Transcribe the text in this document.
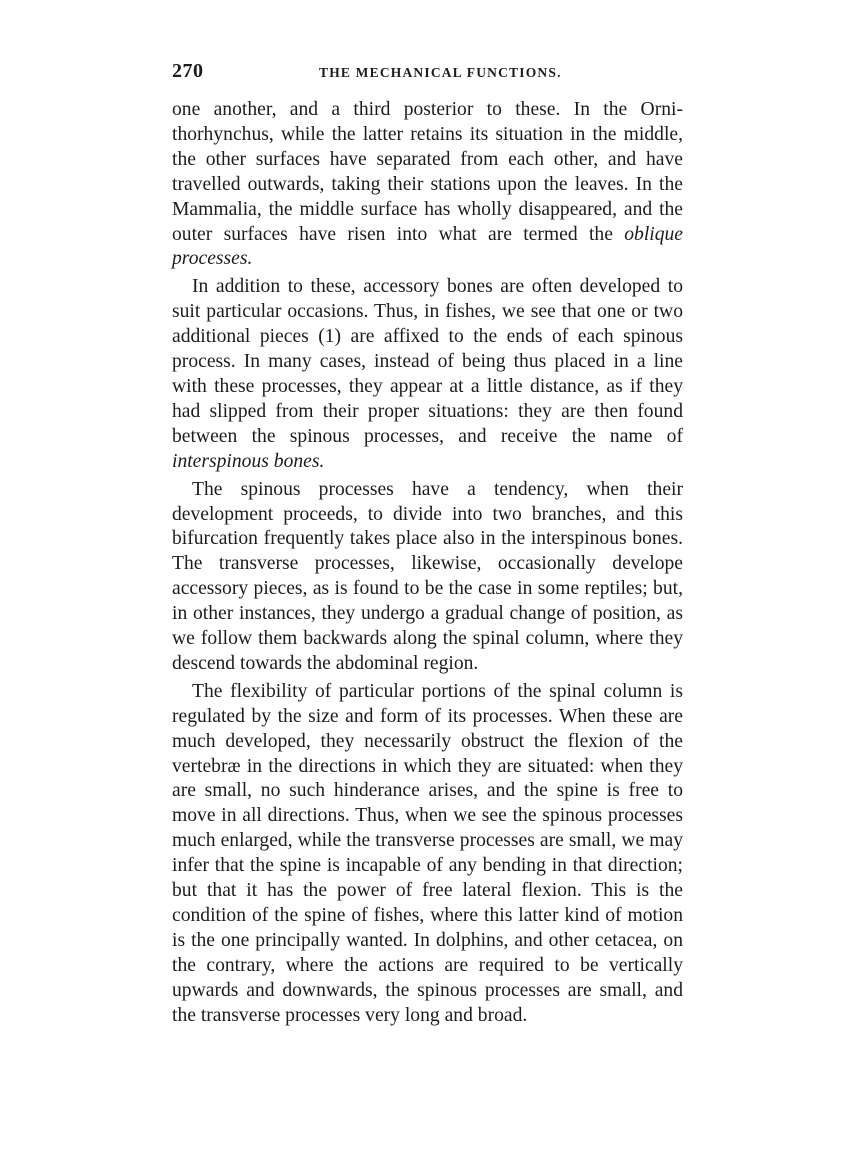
270	THE MECHANICAL FUNCTIONS.

one another, and a third posterior to these. In the Orni-thorhynchus, while the latter retains its situation in the middle, the other surfaces have separated from each other, and have travelled outwards, taking their stations upon the leaves. In the Mammalia, the middle surface has wholly disappeared, and the outer surfaces have risen into what are termed the oblique processes.

In addition to these, accessory bones are often developed to suit particular occasions. Thus, in fishes, we see that one or two additional pieces (1) are affixed to the ends of each spinous process. In many cases, instead of being thus placed in a line with these processes, they appear at a little distance, as if they had slipped from their proper situations: they are then found between the spinous processes, and receive the name of interspinous bones.

The spinous processes have a tendency, when their development proceeds, to divide into two branches, and this bifurcation frequently takes place also in the interspinous bones. The transverse processes, likewise, occasionally develope accessory pieces, as is found to be the case in some reptiles; but, in other instances, they undergo a gradual change of position, as we follow them backwards along the spinal column, where they descend towards the abdominal region.

The flexibility of particular portions of the spinal column is regulated by the size and form of its processes. When these are much developed, they necessarily obstruct the flexion of the vertebræ in the directions in which they are situated: when they are small, no such hinderance arises, and the spine is free to move in all directions. Thus, when we see the spinous processes much enlarged, while the transverse processes are small, we may infer that the spine is incapable of any bending in that direction; but that it has the power of free lateral flexion. This is the condition of the spine of fishes, where this latter kind of motion is the one principally wanted. In dolphins, and other cetacea, on the contrary, where the actions are required to be vertically upwards and downwards, the spinous processes are small, and the transverse processes very long and broad.
